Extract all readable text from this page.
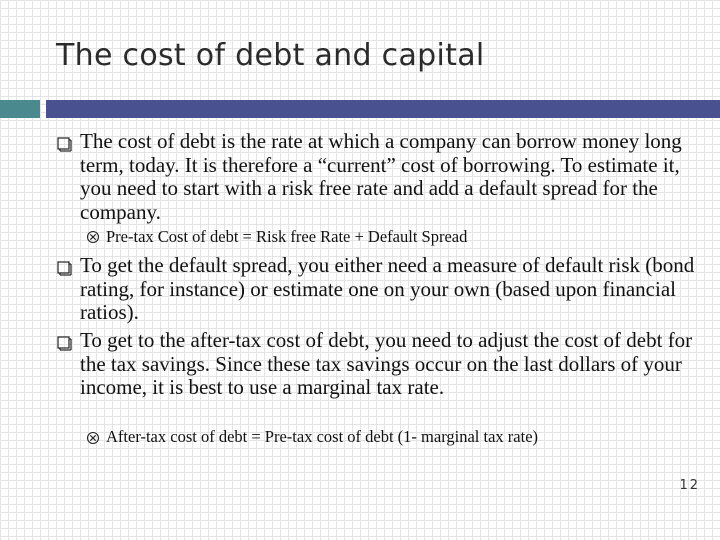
The cost of debt and capital
The cost of debt is the rate at which a company can borrow money long term, today. It is therefore a “current” cost of borrowing. To estimate it, you need to start with a risk free rate and add a default spread for the company.
Pre-tax Cost of debt = Risk free Rate + Default Spread
To get the default spread, you either need a measure of default risk (bond rating, for instance) or estimate one on your own (based upon financial ratios).
To get to the after-tax cost of debt, you need to adjust the cost of debt for the tax savings. Since these tax savings occur on the last dollars of your income, it is best to use a marginal tax rate.
After-tax cost of debt = Pre-tax cost of debt (1- marginal tax rate)
12
